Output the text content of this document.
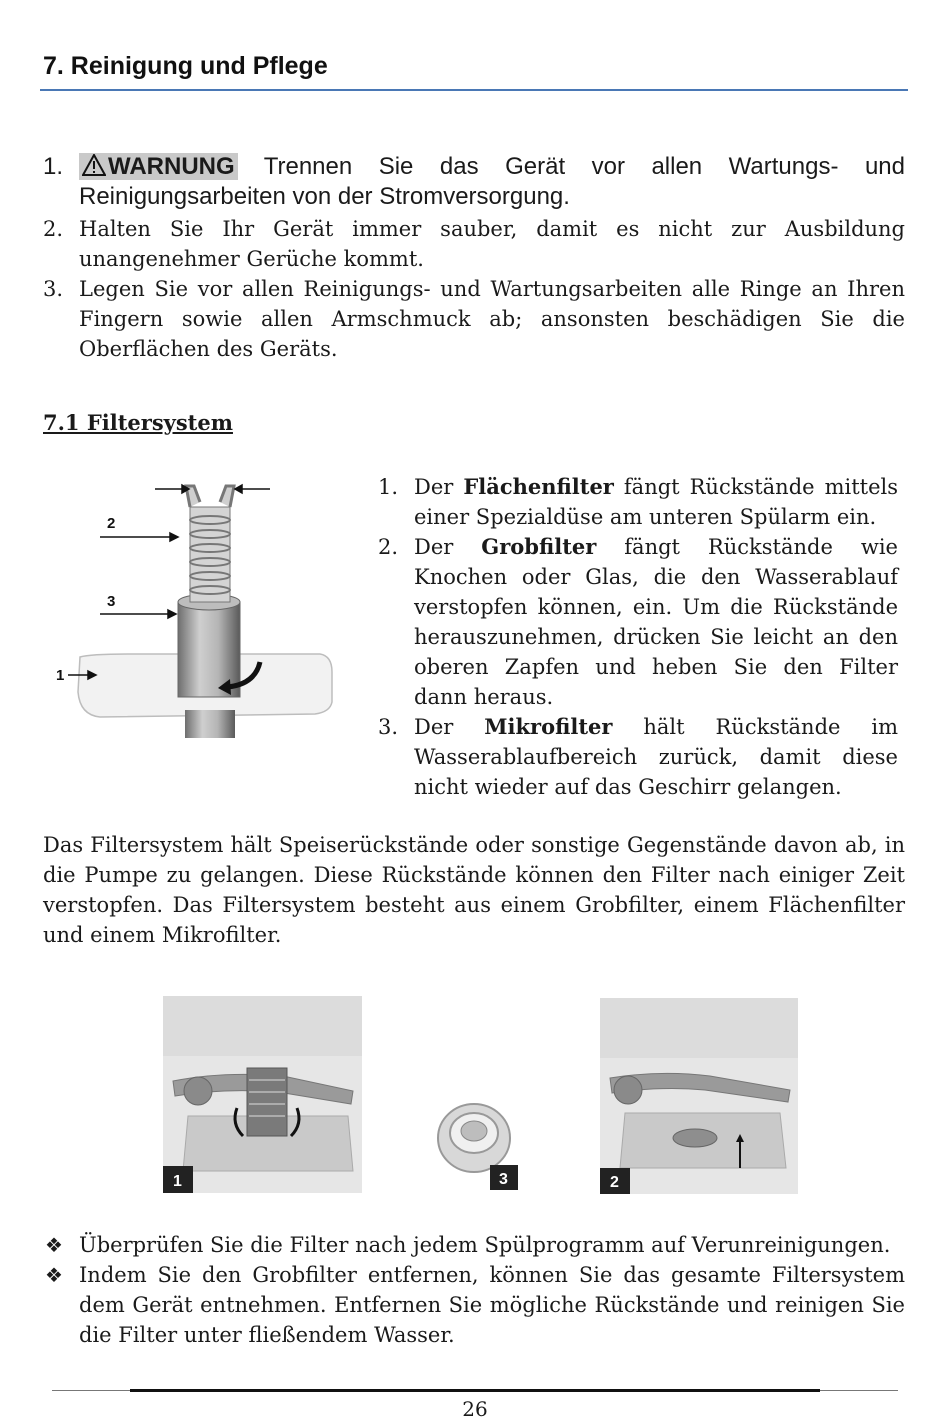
7. Reinigung und Pflege
1.	WARNUNG Trennen Sie das Gerät vor allen Wartungs- und Reinigungsarbeiten von der Stromversorgung.
2. Halten Sie Ihr Gerät immer sauber, damit es nicht zur Ausbildung unangenehmer Gerüche kommt.
3. Legen Sie vor allen Reinigungs- und Wartungsarbeiten alle Ringe an Ihren Fingern sowie allen Armschmuck ab; ansonsten beschädigen Sie die Oberflächen des Geräts.
7.1 Filtersystem
2
3
1
1. Der Flächenfilter fängt Rückstände mittels einer Spezialdüse am unteren Spülarm ein.
2. Der Grobfilter fängt Rückstände wie Knochen oder Glas, die den Wasserablauf verstopfen können, ein. Um die Rückstände herauszunehmen, drücken Sie leicht an den oberen Zapfen und heben Sie den Filter dann heraus.
3. Der Mikrofilter hält Rückstände im Wasserablaufbereich zurück, damit diese nicht wieder auf das Geschirr gelangen.
Das Filtersystem hält Speiserückstände oder sonstige Gegenstände davon ab, in die Pumpe zu gelangen. Diese Rückstände können den Filter nach einiger Zeit verstopfen. Das Filtersystem besteht aus einem Grobfilter, einem Flächenfilter und einem Mikrofilter.
1	3	2
❖ Überprüfen Sie die Filter nach jedem Spülprogramm auf Verunreinigungen.
❖ Indem Sie den Grobfilter entfernen, können Sie das gesamte Filtersystem dem Gerät entnehmen. Entfernen Sie mögliche Rückstände und reinigen Sie die Filter unter fließendem Wasser.
26
